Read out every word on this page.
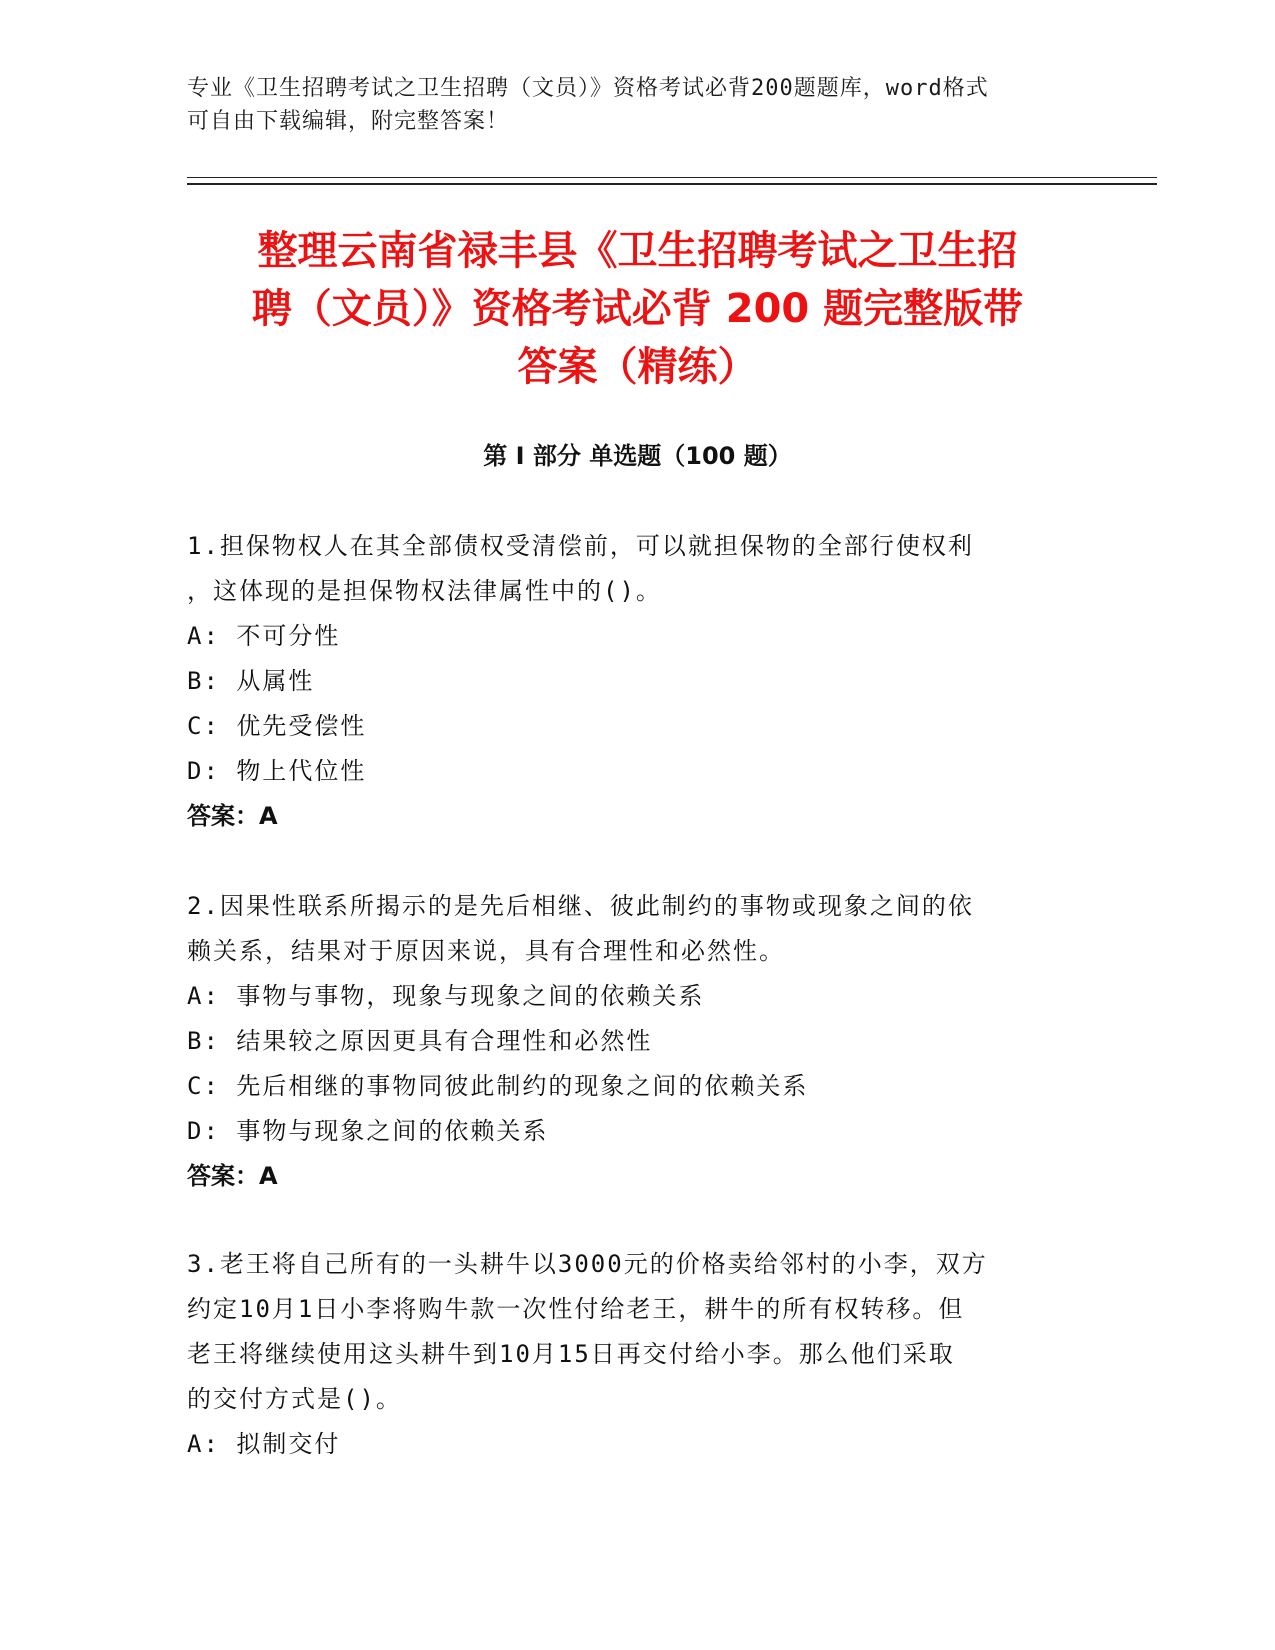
专业《卫生招聘考试之卫生招聘（文员）》资格考试必背200题题库，word格式
可自由下载编辑，附完整答案！
整理云南省禄丰县《卫生招聘考试之卫生招
聘（文员）》资格考试必背 200 题完整版带
答案（精练）
第 I 部分 单选题（100 题）
1.担保物权人在其全部债权受清偿前，可以就担保物的全部行使权利
，这体现的是担保物权法律属性中的()。
A: 不可分性
B: 从属性
C: 优先受偿性
D: 物上代位性
答案：A
2.因果性联系所揭示的是先后相继、彼此制约的事物或现象之间的依
赖关系，结果对于原因来说，具有合理性和必然性。
A: 事物与事物，现象与现象之间的依赖关系
B: 结果较之原因更具有合理性和必然性
C: 先后相继的事物同彼此制约的现象之间的依赖关系
D: 事物与现象之间的依赖关系
答案：A
3.老王将自己所有的一头耕牛以3000元的价格卖给邻村的小李，双方
约定10月1日小李将购牛款一次性付给老王，耕牛的所有权转移。但
老王将继续使用这头耕牛到10月15日再交付给小李。那么他们采取
的交付方式是()。
A: 拟制交付
